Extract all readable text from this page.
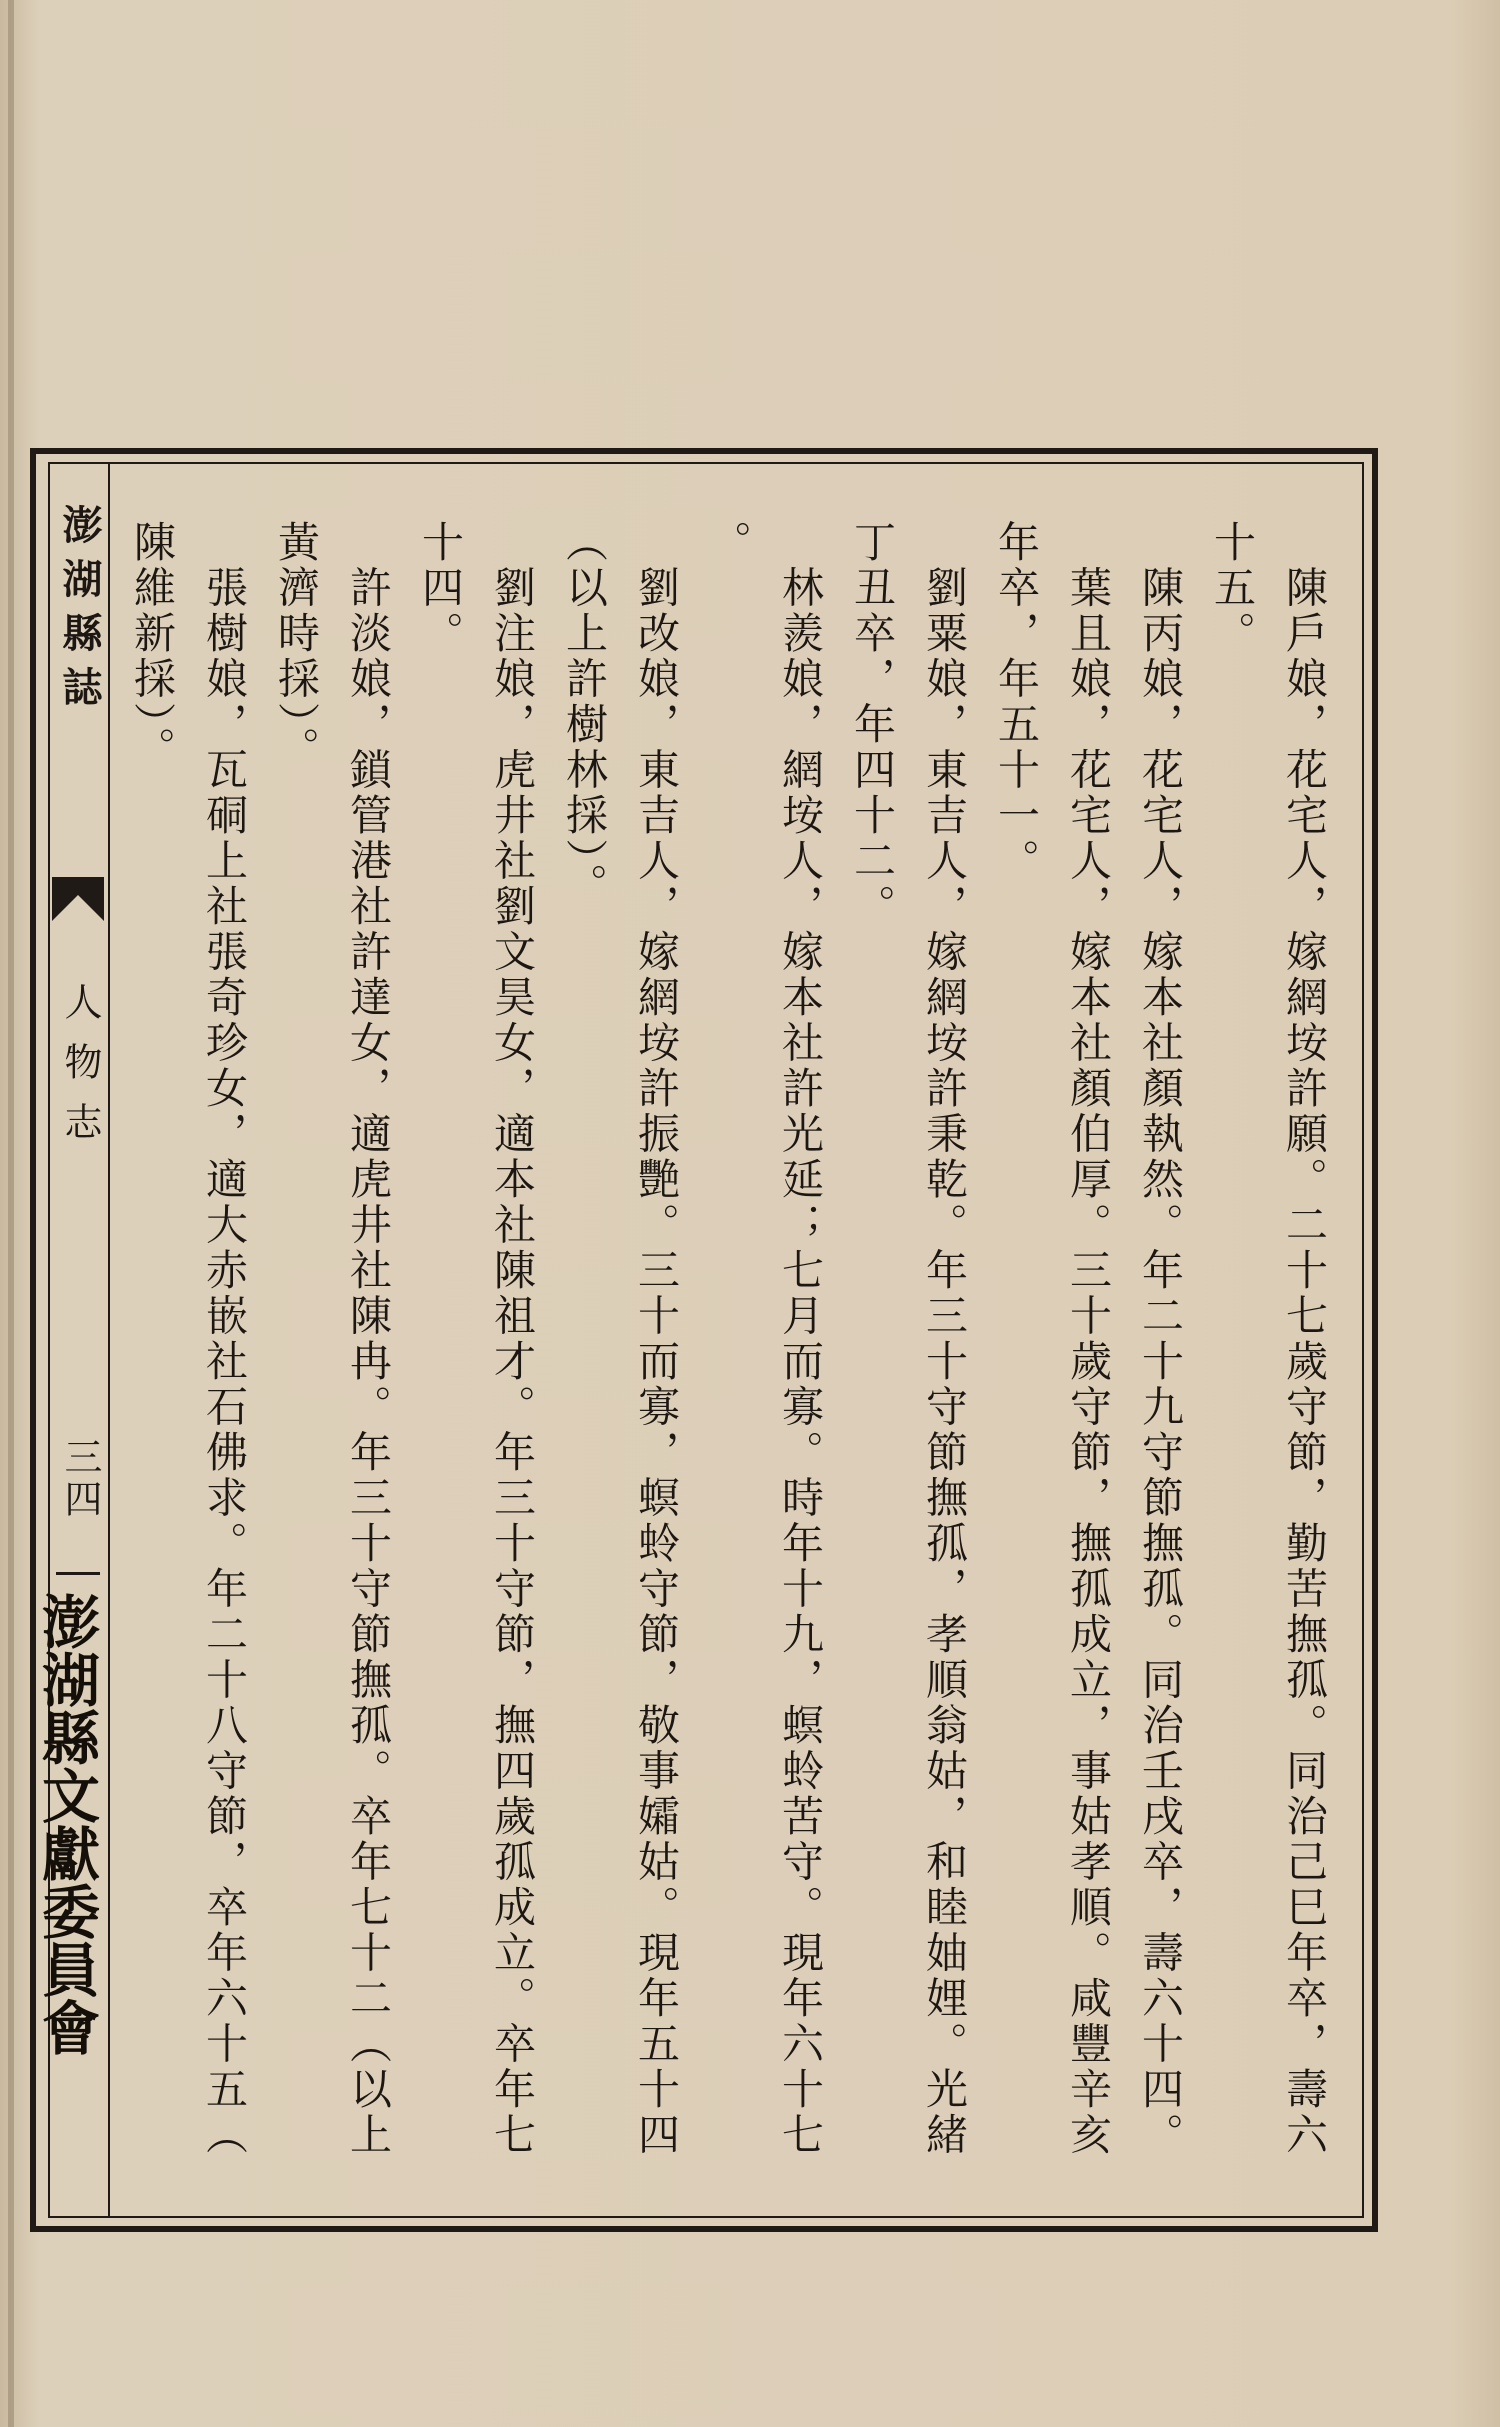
澎湖縣誌
人物志
三四
澎湖縣文獻委員會	　陳戶娘，花宅人，嫁網垵許願。二十七歲守節，勤苦撫孤。同治己巳年卒，壽六
十五。
　陳丙娘，花宅人，嫁本社顏執然。年二十九守節撫孤。同治壬戌卒，壽六十四。
　葉且娘，花宅人，嫁本社顏伯厚。三十歲守節，撫孤成立，事姑孝順。咸豐辛亥
年卒，年五十一。
　劉粟娘，東吉人，嫁網垵許秉乾。年三十守節撫孤，孝順翁姑，和睦妯娌。光緒
丁丑卒，年四十二。
　林羨娘，網垵人，嫁本社許光延；七月而寡。時年十九，螟蛉苦守。現年六十七
。
　劉改娘，東吉人，嫁網垵許振艷。三十而寡，螟蛉守節，敬事孀姑。現年五十四
（以上許樹林採）。
　劉注娘，虎井社劉文昊女，適本社陳祖才。年三十守節，撫四歲孤成立。卒年七
十四。
　許淡娘，鎖管港社許達女，適虎井社陳冉。年三十守節撫孤。卒年七十二（以上
黃濟時採）。
　張樹娘，瓦硐上社張奇珍女，適大赤嵌社石佛求。年二十八守節，卒年六十五（
陳維新採）。
